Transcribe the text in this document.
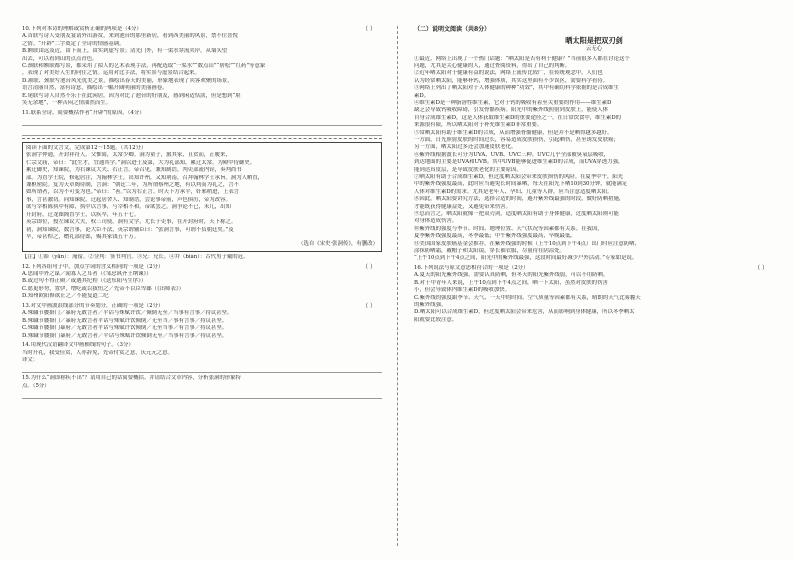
10.下列对本诗的理解或赏析正确的两项是（4分）	（ ）
A.首联写诗人受朋友宴请外出游赏，来到池台的那里新居，看到西美丽的风景，禁不住喜悦
之情。“开辟”二字奠定了全诗的情感基调。
B.额联由远及近，由下而上，由实到虚写景；清光门外，有一渠水穿流夹岸，从墙头望
出去，可以看到山的点点青色。
C.颈联和额联都写景，都采用了拟人的艺术表现手法，再配选取“一渠水”“数点山”“碧松”“红药”等意象
，表现了对美好人生的向往之情。运用对比手法，将实景与虚景结合起来。
D.颔联、颈联写池台风光优美之景，描绘出春天的美丽，形象地表现了宾客欢聚的场景，
语言清丽自然，富有诗意，描绘出一幅开阔明丽的美丽画卷。
E.尾联写诗人自然不乐于在此闲居，因为对比了池台的好朋友，感到闲适恬淡，但是想到“堪
笑无余地”，一种苦闷之情油然而生。
11.联系全诗，简要概括作者“开辟”的原因。（4分）
阅读下面的文言文，完成第12～15题。（共12分）
张洞字仲通，开封祥符人。父惟简，太常少卿。洞为童子，旅其家，且贫而，正履来，
仁宗文庙，帝曰：“此生才，宜通其学。”洞以进士及第，大为礼部知，累迁太常，为殿中侍御史。
累迁御史，知谏院，为右谏议大夫、右正言。帝召见，兼知制诰，判吏部流内铨，奏判尚书
部。为直学士院，修起居注，为翰林学士，出知许州，又知荆南，召拜翰林学士承旨。洞为人峭直，
兼枢密院。复为天章阁待制，言洞：“朝廷二年，为所谓蔡州之地，有以判而为礼之，言不
如所谓者，以为不可变为也。”帝曰：“善。”以为右正言。时天下方承平，奸邪稍进，上表言
事，言甚激切。同知谏院，迁起居舍人、知制诰，尝论事帝前，声色俱厉，帝为改容。
欲与宰相陈执中有隙，执中以言事，与宰相不和，帝欲罢之，洞争论不已，未几，出知
开封府，迁龙图阁直学士，以疾卒，年五十七。
英宗即位，授左谏议大夫，权三司使。洞有文学，尤长于吏事，在开封府时，天下称之。
初，洞知谏院，数言事，论大臣不法，英宗谓辅臣曰：“张洞言事，可谓不负朝廷矣。”及
卒，帝甚悼之，赠礼部侍郎，赐其家钱五十万。
（选自《宋史·张洞传》，有删改）
【注】①滞（yān）：淹留。②佥判：签书判官。③兄：兄长。④弁（biàn）：古代男子戴的冠。
12.下列各组句子中，加点字词的含义相同的一项是（2分）	（ ）
A.思闻中外之谋／闻寡人之耳者（《邹忌讽齐王纳谏》）
B.或过句不得正殿／或遇其纪程（《送东阳马生序》）
C.愿更形势，置伊，增吃或以拔恒之／先帝不以臣卑鄙（《出师表》）
D.知州欧阳修欲止之／不能复道二纪
13.对文中画波浪线部分的节奏划分，正确的一项是（2分）	（ ）
A.殊職节腰掛门／暴府无敢言者／平话与殊赋许饮／倾倒无至／当事有言事／持议甚坚。
B.殊職节腰掛门／暴府无敢言者平话与殊赋许饮倾倒／无至当／事有言事／持议甚坚。
C.殊職节腰掛门暴府／无敢言者平话与殊赋许饮倾倒／无至当事／有言事／持议甚坚。
D.殊職节腰掛门暴府／无敢言者／平话与殊赋许饮倾倒无至／当事有言事／持议甚坚。
14.用现代汉语翻译文中画横线的句子。（3分）
当时开礼，我受佳赏，人亦辞免，先帝付赏之意，庆元元之意。
译文：
15.为什么“洞即称疾不出”？请用自己的话简要概括。并请结合文章内容，分析张洞的形象特
点。（5分）
（二）说明文阅读（共8分）
晒太阳是把双刃剑
云无心
①最近，网络上出现了一个热门话题：“晒太阳是否有利于健康？”当前很多人都在讨论这个
问题，尤其是关心健康的人，通过查阅资料，得出了自己的判断。
②近年晒太阳对于健康有益的说法，网络上流传比较广，在传统观念中，人们也
认为经常晒太阳，能够补钙，增强体质，其实这里面有不少误区，需要科学看待。
③网络上列出了晒太阳对于人体健康的种种“功效”，其中有确切科学依据的是合成维生
素D。
④维生素D是一种脂溶性维生素，它对于钙的吸收有着至关重要的作用——维生素D
缺乏会导致钙吸收障碍，引发骨骼疾病。阳光中的紫外线照射到皮肤上，能使人体
自身合成维生素D，这是人体获取维生素D的重要途径之一。在日常饮食中，维生素D的
来源很有限，所以晒太阳对于补充维生素D非常重要。
⑤常晒太阳有助于维生素D的合成，从而增强骨骼健康，但是并不是晒得越多越好。
一方面，日光照射皮肤的时间过长，容易造成皮肤损伤，引起晒伤，甚至诱发皮肤癌；
另一方面，晒太阳过多还会加速皮肤老化。
⑥紫外线根据波长可分为UVA、UVB、UVC三种。UVC几乎全部被臭氧层吸收，
到达地面的主要是UVA和UVB。其中UVB能够促进维生素D的合成，而UVA穿透力强，
能到达真皮层，是导致皮肤老化的主要原因。
⑦晒太阳有助于合成维生素D，但过度晒太阳会带来皮肤损伤的风险。在夏季中午，阳光
中的紫外线强度最高，此时应当避免长时间暴晒，每天在阳光下晒10到30分钟，就能满足
人体对维生素D的需求。尤其是老年人、孕妇、儿童等人群，应当注意适度晒太阳。
⑧因此，晒太阳要讲究方法，选择合适的时间，避开紫外线最强的时段，做好防晒措施，
才能既获得健康益处，又避免带来伤害。
⑨总而言之，晒太阳就像一把双刃剑，适度晒太阳有助于身体健康，过度晒太阳则可能
对身体造成伤害。
⑩紫外线的强度与季节、时间、地理位置、天气状况等因素都有关系。在我国，
夏季紫外线强度最高，冬季最低；中午紫外线强度最高，早晚最低。
⑪美国国家皮肤癌基金会推荐，在紫外线强的时候（上午10点到下午4点）出门时应注意防晒，
涂抹防晒霜，戴帽子和太阳镜，穿长袖衣服，尽量待在阴凉处。
“上午10点到下午4点之间，阳光中的紫外线最强，这段时间最好减少户外活动。”专家如是说。
16.下列说法与原文意思相符合的一项是（2分）	（ ）
A.夏天的阳光紫外线强，需要认真防晒，但冬天的阳光紫外线弱，可以不用防晒。
B.对于中青年人来说，上午10点到下午4点之间，晒一下太阳，虽然对皮肤的伤害
小，但会导致体内维生素D的吸收加快。
C.紫外线的强度跟季节、天气、一天中的时间、空气质量等因素都有关系，晴朗的天气比雾霾天
的紫外线强。
D.晒太阳可以合成维生素D，但过度晒太阳会带来危害，从而影响到身体健康，所以冬季晒太
阳就要比较注意。
